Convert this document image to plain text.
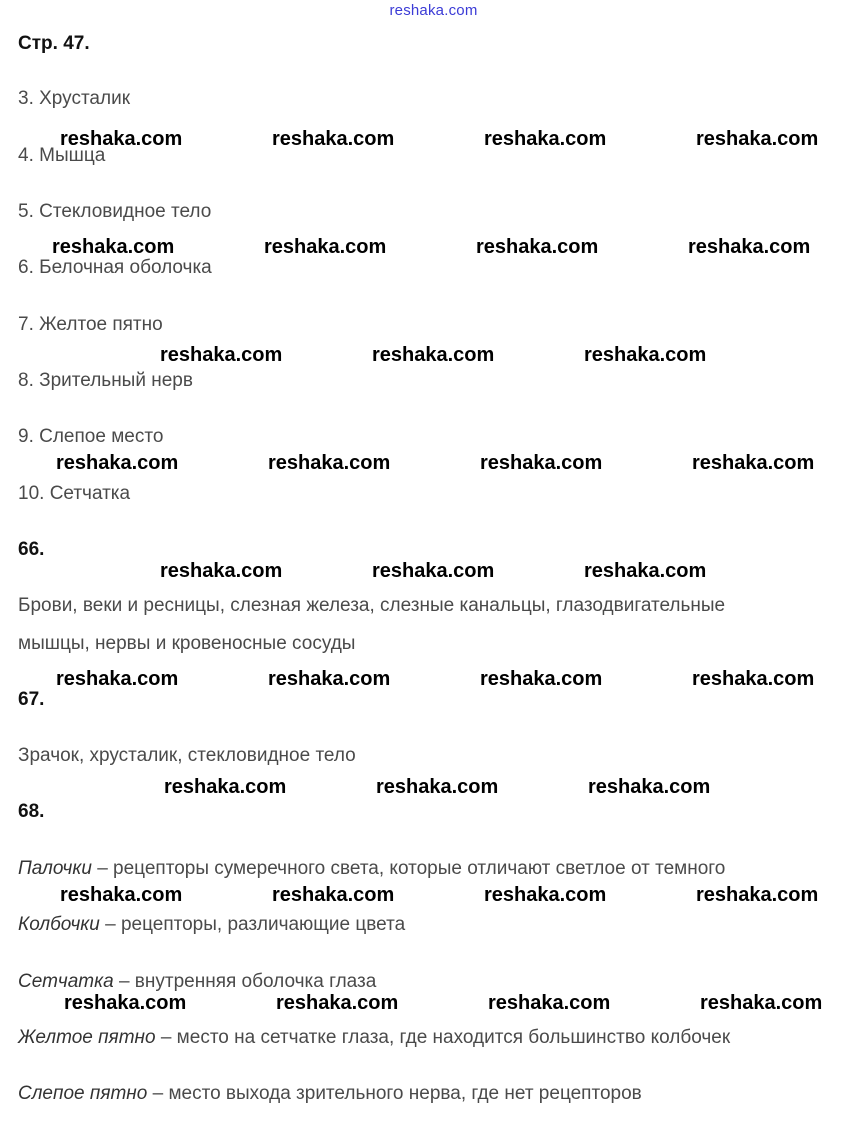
reshaka.com
Стр. 47.
3. Хрусталик
4. Мышца
5. Стекловидное тело
6. Белочная оболочка
7. Желтое пятно
8. Зрительный нерв
9. Слепое место
10. Сетчатка
66.
Брови, веки и ресницы, слезная железа, слезные канальцы, глазодвигательные
мышцы, нервы и кровеносные сосуды
67.
Зрачок, хрусталик, стекловидное тело
68.
Палочки – рецепторы сумеречного света, которые отличают светлое от темного
Колбочки – рецепторы, различающие цвета
Сетчатка – внутренняя оболочка глаза
Желтое пятно – место на сетчатке глаза, где находится большинство колбочек
Слепое пятно – место выхода зрительного нерва, где нет рецепторов
reshaka.com	reshaka.com	reshaka.com	reshaka.com
reshaka.com	reshaka.com	reshaka.com	reshaka.com
reshaka.com	reshaka.com	reshaka.com
reshaka.com	reshaka.com	reshaka.com	reshaka.com
reshaka.com	reshaka.com	reshaka.com
reshaka.com	reshaka.com	reshaka.com	reshaka.com
reshaka.com	reshaka.com	reshaka.com
reshaka.com	reshaka.com	reshaka.com	reshaka.com
reshaka.com	reshaka.com	reshaka.com	reshaka.com
